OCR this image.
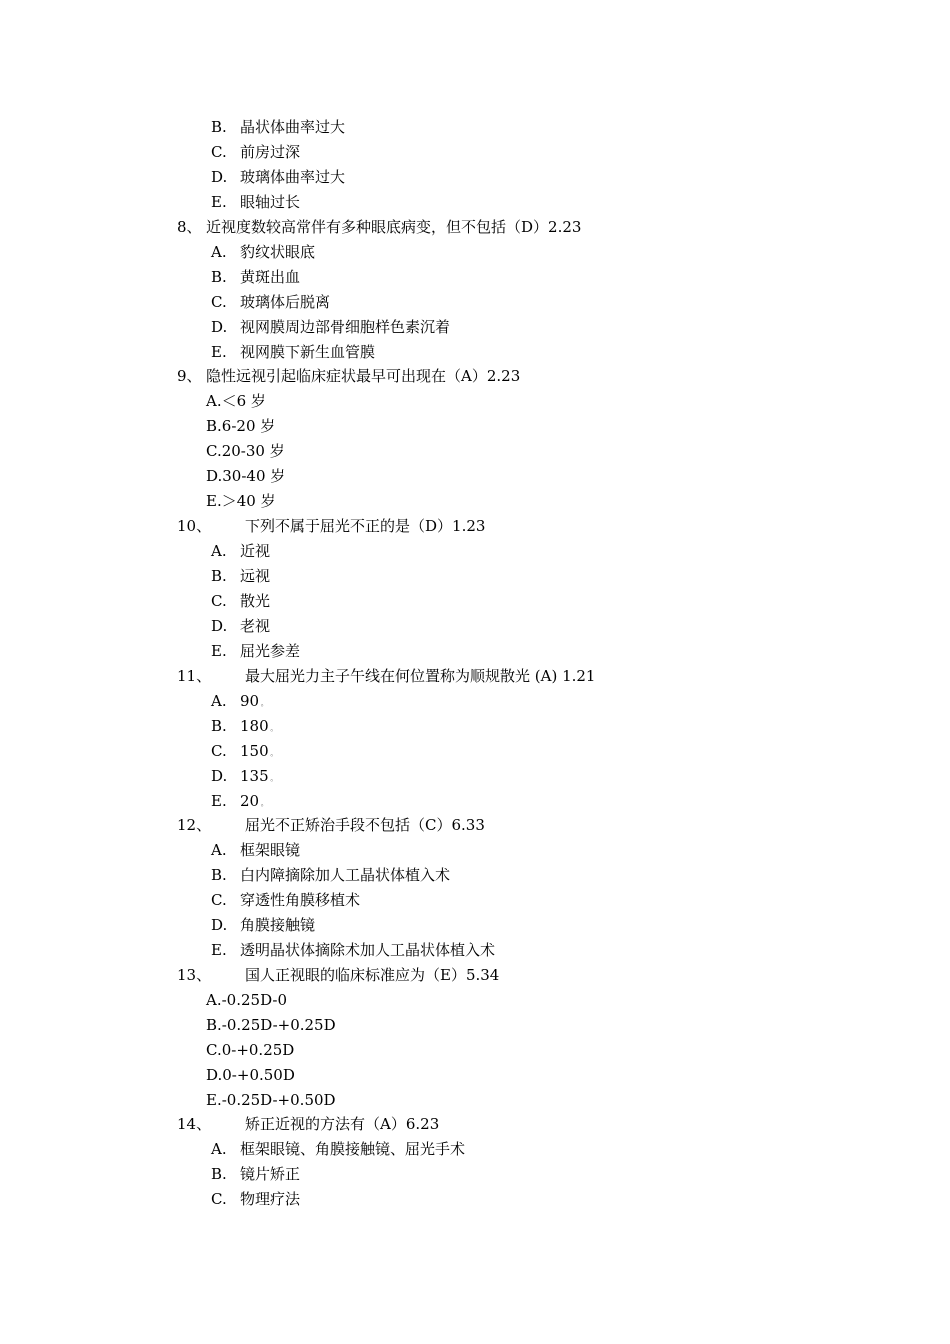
B. 晶状体曲率过大
C. 前房过深
D. 玻璃体曲率过大
E. 眼轴过长
8、 近视度数较高常伴有多种眼底病变，但不包括（D）2.23
A. 豹纹状眼底
B. 黄斑出血
C. 玻璃体后脱离
D. 视网膜周边部骨细胞样色素沉着
E. 视网膜下新生血管膜
9、 隐性远视引起临床症状最早可出现在（A）2.23
A.＜6 岁
B.6-20 岁
C.20-30 岁
D.30-40 岁
E.＞40 岁
10、 下列不属于屈光不正的是（D）1.23
A. 近视
B. 远视
C. 散光
D. 老视
E. 屈光参差
11、 最大屈光力主子午线在何位置称为顺规散光 (A) 1.21
A. 90◦
B. 180◦
C. 150◦
D. 135◦
E. 20◦
12、 屈光不正矫治手段不包括（C）6.33
A. 框架眼镜
B. 白内障摘除加人工晶状体植入术
C. 穿透性角膜移植术
D. 角膜接触镜
E. 透明晶状体摘除术加人工晶状体植入术
13、 国人正视眼的临床标准应为（E）5.34
A.-0.25D-0
B.-0.25D-+0.25D
C.0-+0.25D
D.0-+0.50D
E.-0.25D-+0.50D
14、 矫正近视的方法有（A）6.23
A. 框架眼镜、角膜接触镜、屈光手术
B. 镜片矫正
C. 物理疗法
